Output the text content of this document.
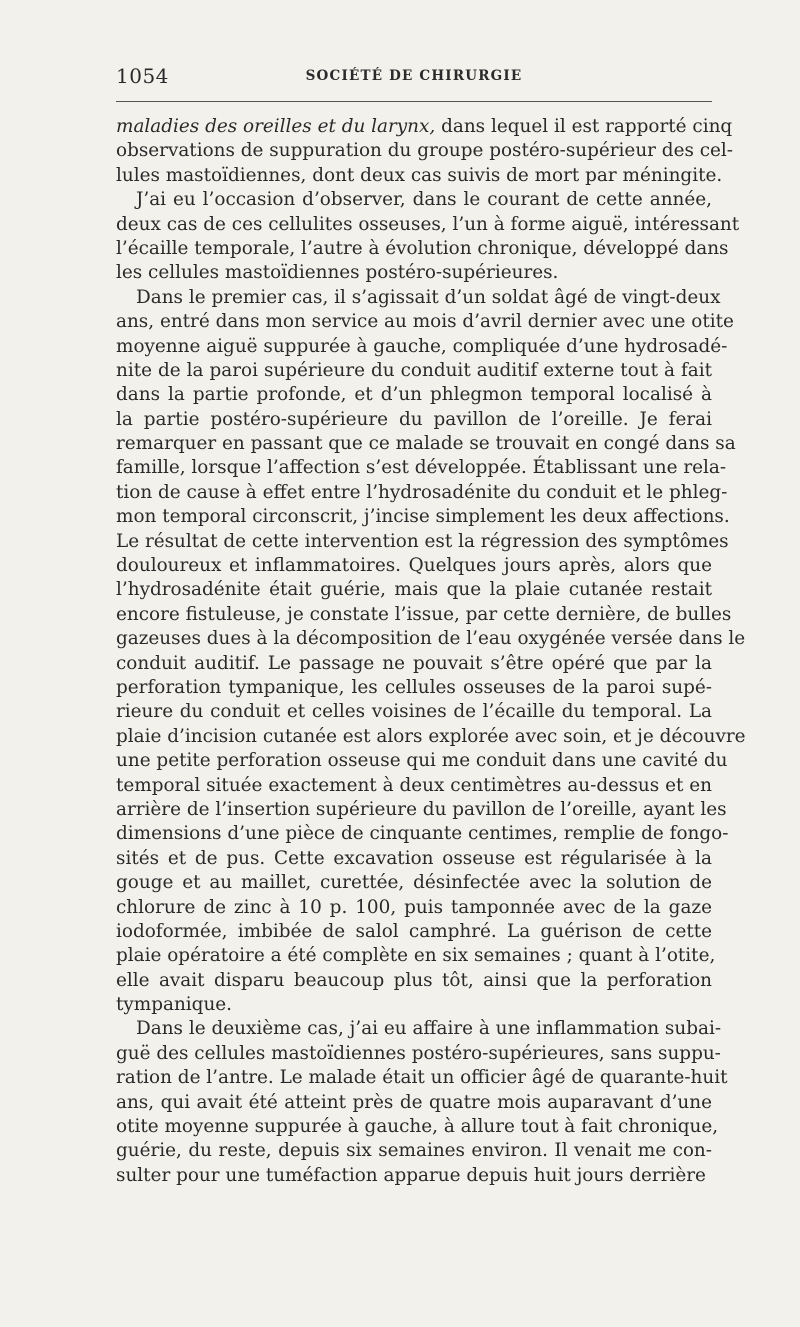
1054	SOCIÉTÉ DE CHIRURGIE
maladies des oreilles et du larynx, dans lequel il est rapporté cinq
observations de suppuration du groupe postéro-supérieur des cel-
lules mastoïdiennes, dont deux cas suivis de mort par méningite.
J’ai eu l’occasion d’observer, dans le courant de cette année,
deux cas de ces cellulites osseuses, l’un à forme aiguë, intéressant
l’écaille temporale, l’autre à évolution chronique, développé dans
les cellules mastoïdiennes postéro-supérieures.
Dans le premier cas, il s’agissait d’un soldat âgé de vingt-deux
ans, entré dans mon service au mois d’avril dernier avec une otite
moyenne aiguë suppurée à gauche, compliquée d’une hydrosadé-
nite de la paroi supérieure du conduit auditif externe tout à fait
dans la partie profonde, et d’un phlegmon temporal localisé à
la partie postéro-supérieure du pavillon de l’oreille. Je ferai
remarquer en passant que ce malade se trouvait en congé dans sa
famille, lorsque l’affection s’est développée. Établissant une rela-
tion de cause à effet entre l’hydrosadénite du conduit et le phleg-
mon temporal circonscrit, j’incise simplement les deux affections.
Le résultat de cette intervention est la régression des symptômes
douloureux et inflammatoires. Quelques jours après, alors que
l’hydrosadénite était guérie, mais que la plaie cutanée restait
encore fistuleuse, je constate l’issue, par cette dernière, de bulles
gazeuses dues à la décomposition de l’eau oxygénée versée dans le
conduit auditif. Le passage ne pouvait s’être opéré que par la
perforation tympanique, les cellules osseuses de la paroi supé-
rieure du conduit et celles voisines de l’écaille du temporal. La
plaie d’incision cutanée est alors explorée avec soin, et je découvre
une petite perforation osseuse qui me conduit dans une cavité du
temporal située exactement à deux centimètres au-dessus et en
arrière de l’insertion supérieure du pavillon de l’oreille, ayant les
dimensions d’une pièce de cinquante centimes, remplie de fongo-
sités et de pus. Cette excavation osseuse est régularisée à la
gouge et au maillet, curettée, désinfectée avec la solution de
chlorure de zinc à 10 p. 100, puis tamponnée avec de la gaze
iodoformée, imbibée de salol camphré. La guérison de cette
plaie opératoire a été complète en six semaines ; quant à l’otite,
elle avait disparu beaucoup plus tôt, ainsi que la perforation
tympanique.
Dans le deuxième cas, j’ai eu affaire à une inflammation subai-
guë des cellules mastoïdiennes postéro-supérieures, sans suppu-
ration de l’antre. Le malade était un officier âgé de quarante-huit
ans, qui avait été atteint près de quatre mois auparavant d’une
otite moyenne suppurée à gauche, à allure tout à fait chronique,
guérie, du reste, depuis six semaines environ. Il venait me con-
sulter pour une tuméfaction apparue depuis huit jours derrière
